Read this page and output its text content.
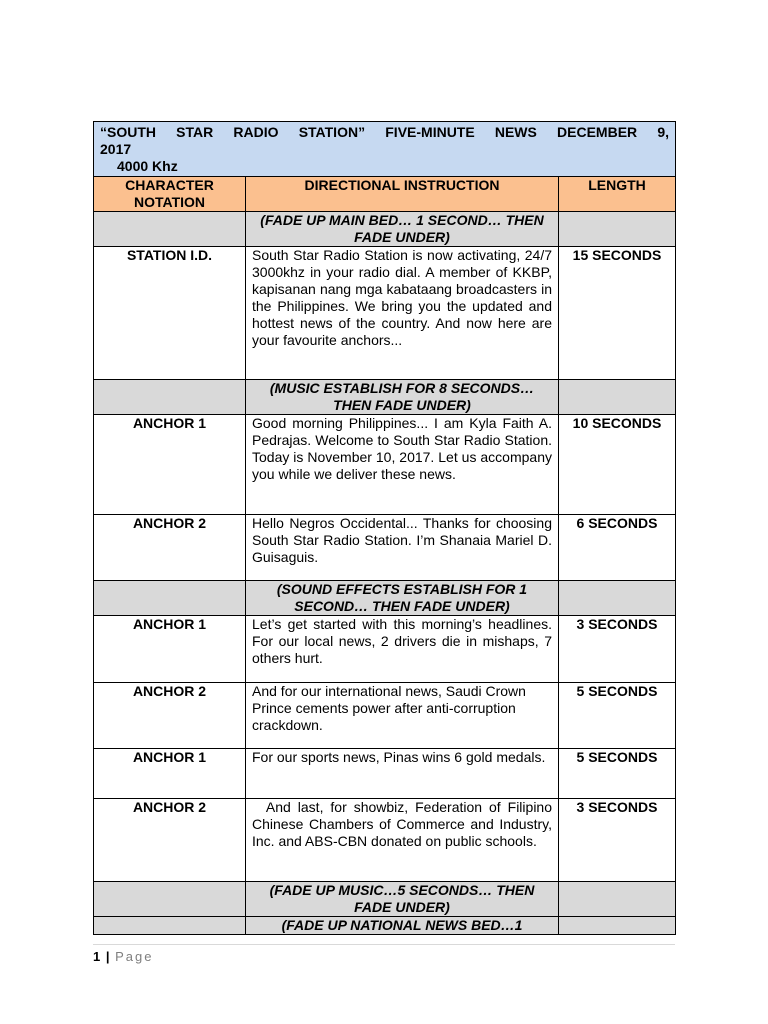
“SOUTH STAR RADIO STATION” FIVE-MINUTE NEWS DECEMBER 9,
2017
4000 Khz		

CHARACTER NOTATION	DIRECTIONAL INSTRUCTION	LENGTH
	(FADE UP MAIN BED… 1 SECOND… THEN FADE UNDER)	
STATION I.D.	South Star Radio Station is now activating, 24/7 3000khz in your radio dial. A member of KKBP, kapisanan nang mga kabataang broadcasters in the Philippines. We bring you the updated and hottest news of the country. And now here are your favourite anchors...	15 SECONDS
	(MUSIC ESTABLISH FOR 8 SECONDS… THEN FADE UNDER)	
ANCHOR 1	Good morning Philippines... I am Kyla Faith A. Pedrajas. Welcome to South Star Radio Station. Today is November 10, 2017. Let us accompany you while we deliver these news.	10 SECONDS
ANCHOR 2	Hello Negros Occidental... Thanks for choosing South Star Radio Station. I’m Shanaia Mariel D. Guisaguis.	6 SECONDS
	(SOUND EFFECTS ESTABLISH FOR 1 SECOND… THEN FADE UNDER)	
ANCHOR 1	Let’s get started with this morning’s headlines. For our local news, 2 drivers die in mishaps, 7 others hurt.	3 SECONDS
ANCHOR 2	And for our international news, Saudi Crown Prince cements power after anti-corruption crackdown.	5 SECONDS
ANCHOR 1	For our sports news, Pinas wins 6 gold medals.	5 SECONDS
ANCHOR 2	And last, for showbiz, Federation of Filipino Chinese Chambers of Commerce and Industry, Inc. and ABS-CBN donated on public schools.	3 SECONDS
	(FADE UP MUSIC…5 SECONDS… THEN FADE UNDER)	
	(FADE UP NATIONAL NEWS BED…1	
1 | Page
